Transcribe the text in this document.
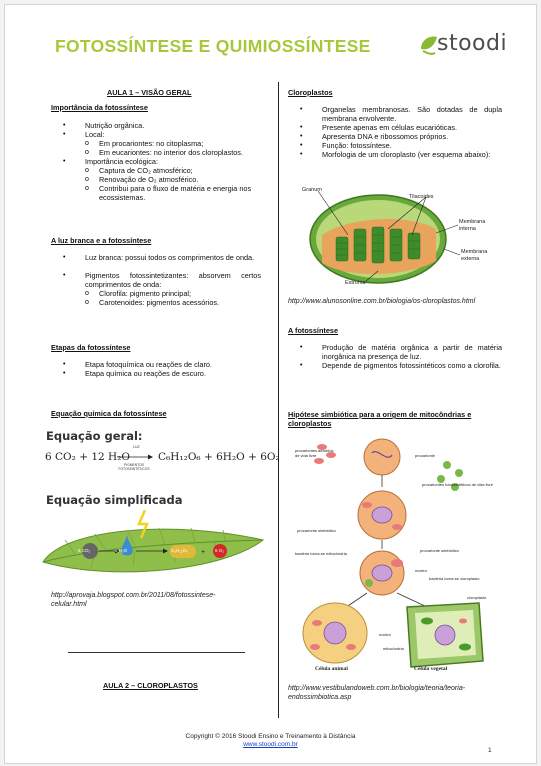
FOTOSSÍNTESE E QUIMIOSSÍNTESE	stoodi
AULA 1 – VISÃO GERAL
Importância da fotossíntese
•	Nutrição orgânica.
•	Local:
o Em procariontes: no citoplasma;
o Em eucariontes: no interior dos cloroplastos.
•	Importância ecológica:
o Captura de CO₂ atmosférico;
o Renovação de O₂ atmosférico.
o Contribui para o fluxo de matéria e energia nos ecossistemas.
A luz branca e a fotossíntese
•	Luz branca: possui todos os comprimentos de onda.
•	Pigmentos fotossintetizantes: absorvem certos comprimentos de onda:
o Clorofila: pigmento principal;
o Carotenoides: pigmentos acessórios.
Etapas da fotossíntese
•	Etapa fotoquímica ou reações de claro.
•	Etapa química ou reações de escuro.
Equação química da fotossíntese
Equação geral:
6 CO₂ + 12 H₂O
LUZ
PIGMENTOS FOTOSSINTÉTICOS
C₆H₁₂O₆ + 6H₂O + 6O₂
Equação simplificada
+
6 CO₂	6 H₂O	C₆H₁₂O₆	6 O₂
http://aprovaja.blogspot.com.br/2011/08/fotossintese-celular.html
AULA 2 – CLOROPLASTOS
Cloroplastos
•	Organelas membranosas. São dotadas de dupla membrana envolvente.
•	Presente apenas em células eucarióticas.
•	Apresenta DNA e ribossomos próprios.
•	Função: fotossíntese.
•	Morfologia de um cloroplasto (ver esquema abaixo):
Granum
Tilacoides
Membrana interna
Membrana externa
Estroma
http://www.alunosonline.com.br/biologia/os-cloroplastos.html
A fotossíntese
•	Produção de matéria orgânica a partir de matéria inorgânica na presença de luz.
•	Depende de pigmentos fotossintéticos como a clorofila.
Hipótese simbiótica para a origem de mitocôndrias e cloroplastos
procariontes aeróbios de vida livre	procarionte
procariontes fotossintéticos de vida livre
procarionte simbiótico
procarionte simbiótico
bactéria torna-se mitocôndria
núcleo
bactéria torna-se cloroplasto
cloroplasto
núcleo
mitocôndria
Célula animal	Célula vegetal
http://www.vestibulandoweb.com.br/biologia/teoria/teoria-endossimbiotica.asp
Copyright © 2016 Stoodi Ensino e Treinamento à Distância
www.stoodi.com.br
1
